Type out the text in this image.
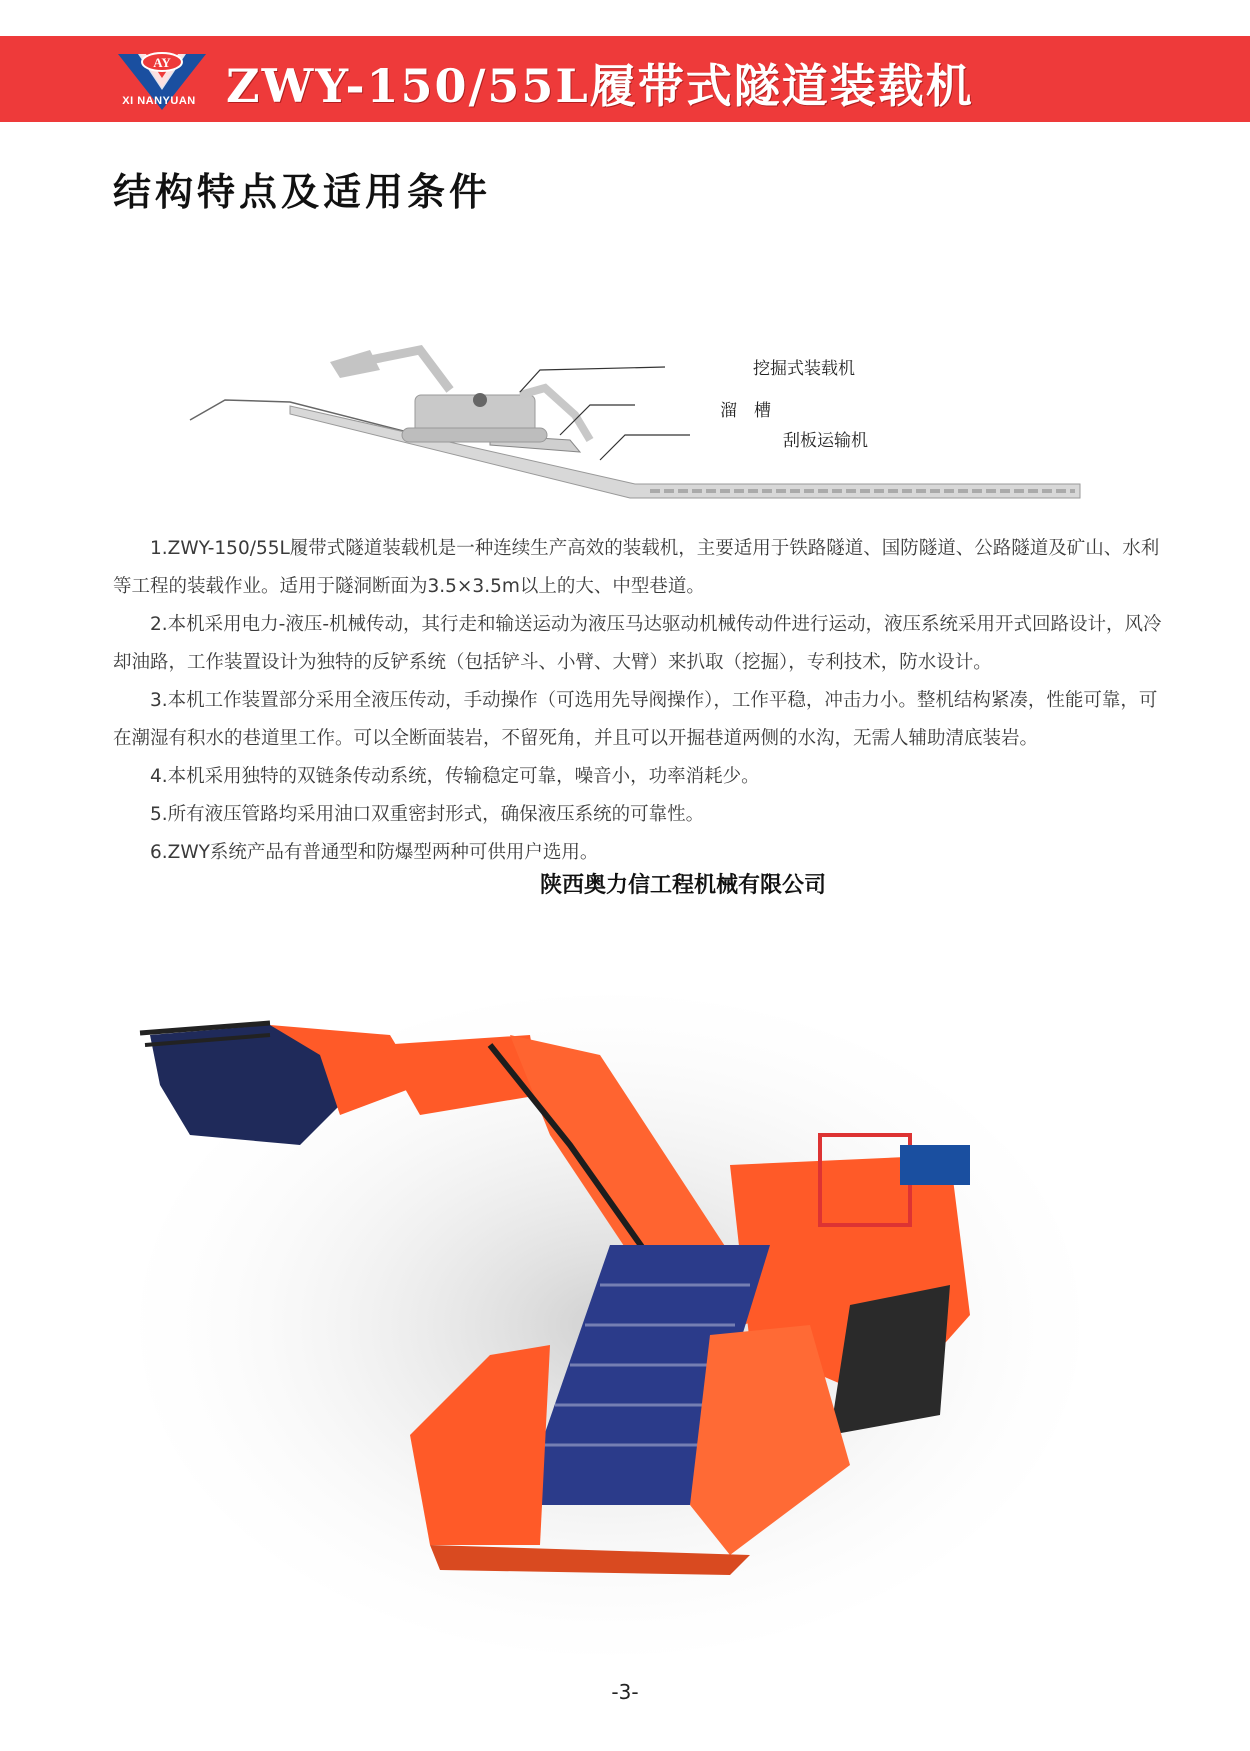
AY
XI NANYUAN ZWY-150/55L履带式隧道装载机
结构特点及适用条件
挖掘式装载机
溜　槽
刮板运输机

1.ZWY-150/55L履带式隧道装载机是一种连续生产高效的装载机，主要适用于铁路隧道、国防隧道、公路隧道及矿山、水利等工程的装载作业。适用于隧洞断面为3.5×3.5m以上的大、中型巷道。

2.本机采用电力-液压-机械传动，其行走和输送运动为液压马达驱动机械传动件进行运动，液压系统采用开式回路设计，风冷却油路，工作装置设计为独特的反铲系统（包括铲斗、小臂、大臂）来扒取（挖掘），专利技术，防水设计。

3.本机工作装置部分采用全液压传动，手动操作（可选用先导阀操作），工作平稳，冲击力小。整机结构紧凑，性能可靠，可在潮湿有积水的巷道里工作。可以全断面装岩，不留死角，并且可以开掘巷道两侧的水沟，无需人辅助清底装岩。

4.本机采用独特的双链条传动系统，传输稳定可靠，噪音小，功率消耗少。

5.所有液压管路均采用油口双重密封形式，确保液压系统的可靠性。

6.ZWY系统产品有普通型和防爆型两种可供用户选用。

陕西奥力信工程机械有限公司
-3-
